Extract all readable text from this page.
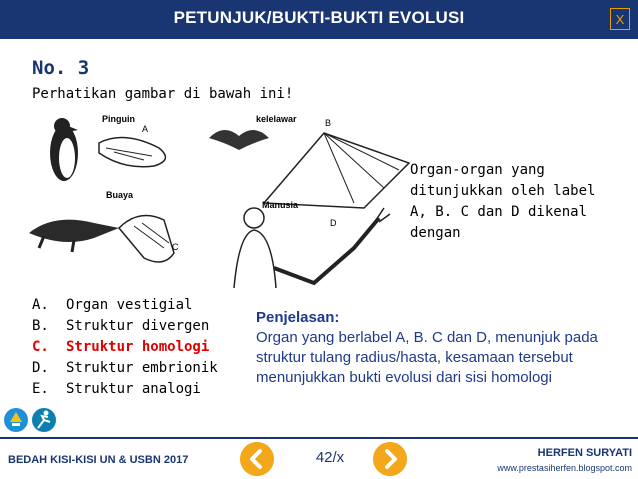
PETUNJUK/BUKTI-BUKTI EVOLUSI	X
No. 3
Perhatikan gambar di bawah ini!
Pinguin
A
kelelawar	B
Buaya
C
Manusia
D
Organ-organ yang ditunjukkan oleh label A, B. C dan D dikenal dengan
A.	Organ vestigial
B.	Struktur divergen
C.	Struktur homologi
D.	Struktur embrionik
E.	Struktur analogi
Penjelasan:
Organ yang berlabel A, B. C dan D, menunjuk pada struktur tulang radius/hasta, kesamaan tersebut menunjukkan bukti evolusi dari sisi homologi
BEDAH KISI-KISI UN & USBN 2017	42/x	HERFEN SURYATI
www.prestasiherfen.blogspot.com
